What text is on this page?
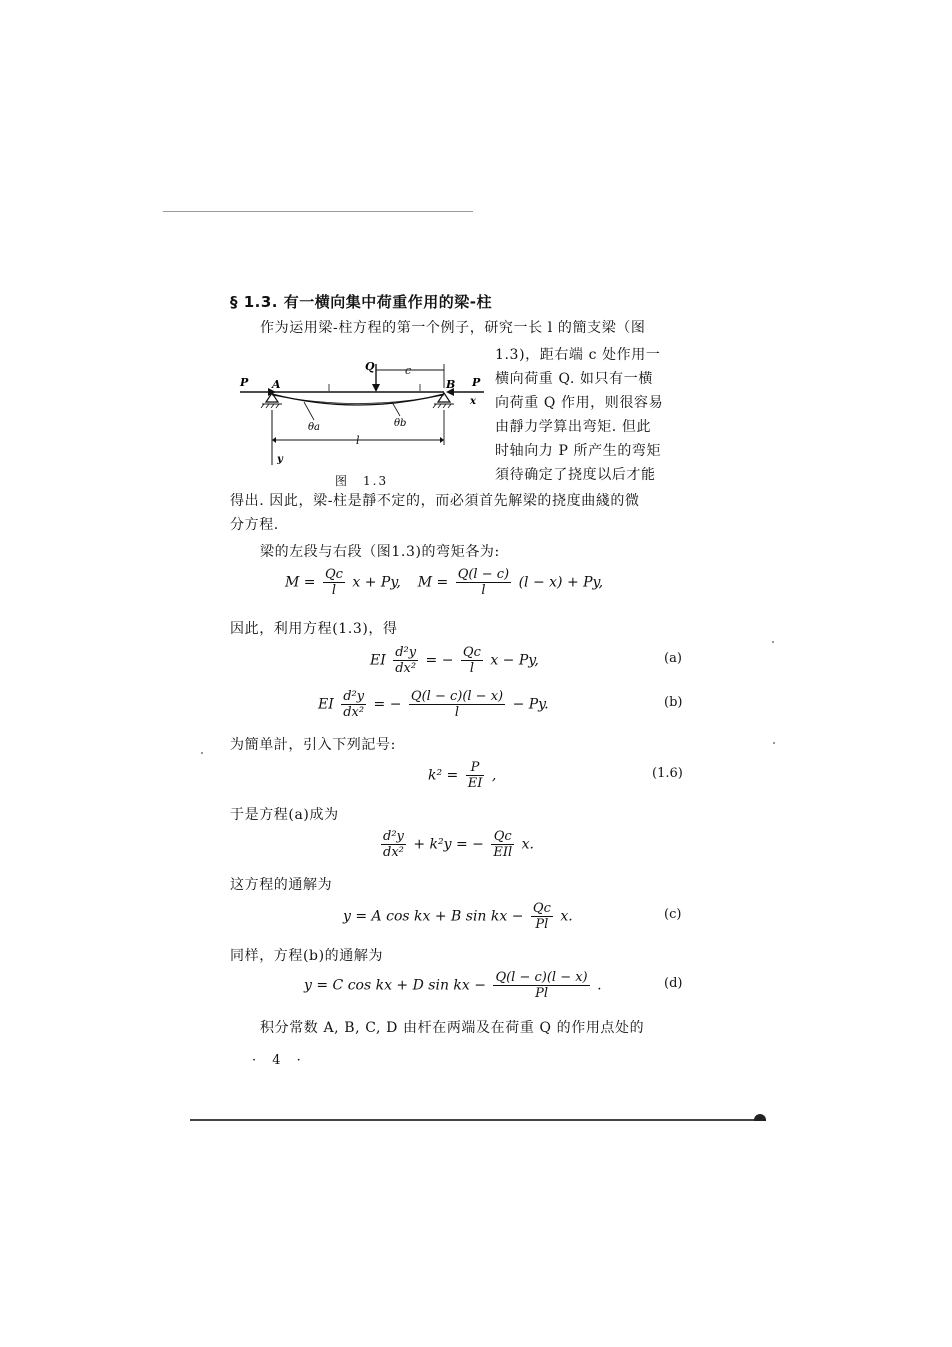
§ 1.3. 有一横向集中荷重作用的梁-柱
作为运用梁-柱方程的第一个例子，研究一长 l 的簡支梁（图
1.3)，距右端 c 处作用一
横向荷重 Q. 如只有一横
向荷重 Q 作用，则很容易
由靜力学算出弯矩. 但此
时轴向力 P 所产生的弯矩
須待确定了挠度以后才能
P A
Q	c
B P
x
θa	θb
l
y
图　1.3
得出. 因此，梁-柱是靜不定的，而必須首先解梁的挠度曲綫的微
分方程.
梁的左段与右段（图1.3)的弯矩各为:
$M = \frac{Qc}{l}$ x + Py, $M = \frac{Q(l - c)}{l} (l - x) + Py$,
因此，利用方程(1.3)，得
EI $\frac{\text{d²y}}{\text{dx²}}$ = − $\frac{Qc}{l}$ x − Py,	(a)
EI $\frac{\text{d²y}}{\text{dx²}}$ = − $\frac{Q(l - c)(l - x)}{l} - Py$.	(b)
为簡单計，引入下列記号:
$k^2 = \frac{P}{EI}$ ,	(1.6)
于是方程(a)成为
$\frac{\text{d²y}}{\text{dx²}} + k^2y$ = − $\frac{Qc}{\text{EIl}} x$.
这方程的通解为
y = A cos kx + B sin kx − $\frac{Qc}{Pl} x$.	(c)
同样，方程(b)的通解为
y = C cos kx + D sin kx − $\frac{Q(l - c)(l - x)}{Pl}$ .	(d)
积分常数 A, B, C, D 由杆在两端及在荷重 Q 的作用点处的
· 4 ·
